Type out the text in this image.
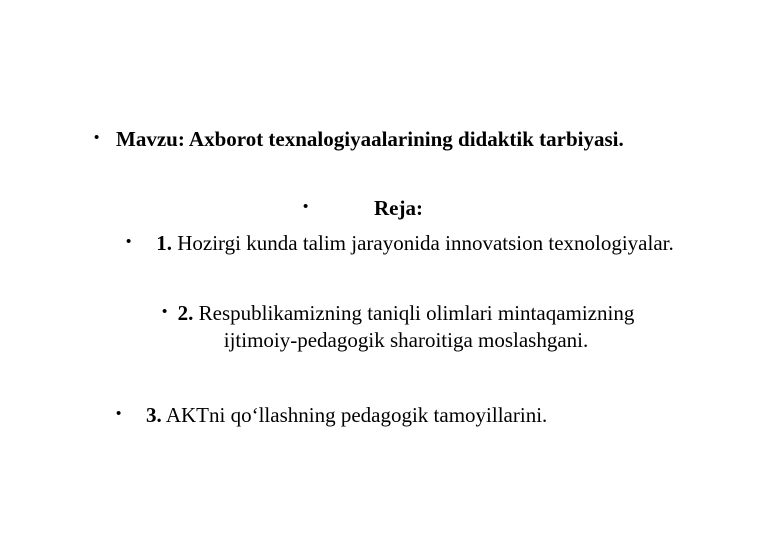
• Mavzu: Axborot texnalogiyaalarining didaktik tarbiyasi.
•	Reja:
• 1. Hozirgi kunda talim jarayonida innovatsion texnologiyalar.
• 2. Respublikamizning taniqli olimlari mintaqamizning ijtimoiy-pedagogik sharoitiga moslashgani.
• 3. AKTni qo‘llashning pedagogik tamoyillarini.
